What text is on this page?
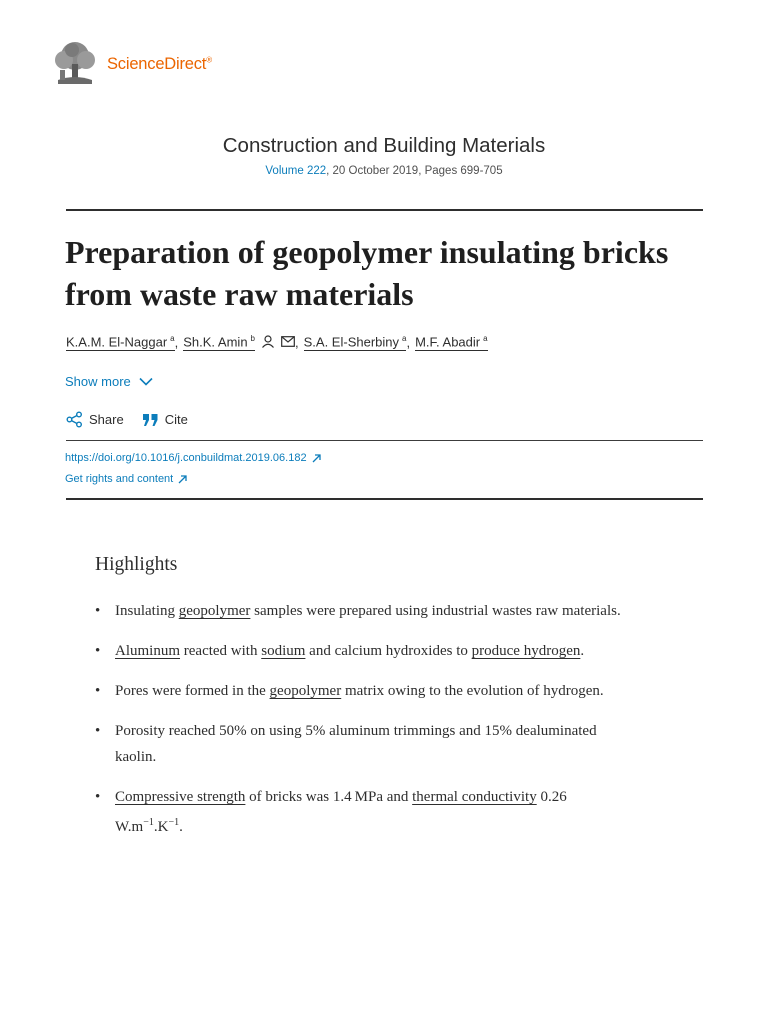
ScienceDirect®
Construction and Building Materials
Volume 222, 20 October 2019, Pages 699-705
Preparation of geopolymer insulating bricks from waste raw materials
K.A.M. El-Naggar $^a$ , Sh.K. Amin $^b$	, S.A. El-Sherbiny $^a$ , M.F. Abadir $^a$
Show more
Share	Cite
https://doi.org/10.1016/j.conbuildmat.2019.06.182
Get rights and content
Highlights
• Insulating geopolymer samples were prepared using industrial wastes raw materials.
• Aluminum reacted with sodium and calcium hydroxides to produce hydrogen.
• Pores were formed in the geopolymer matrix owing to the evolution of hydrogen.
• Porosity reached 50% on using 5% aluminum trimmings and 15% dealuminated kaolin.
• Compressive strength of bricks was 1.4 MPa and thermal conductivity 0.26 $W.m^{-1}.K^{-1}$.
